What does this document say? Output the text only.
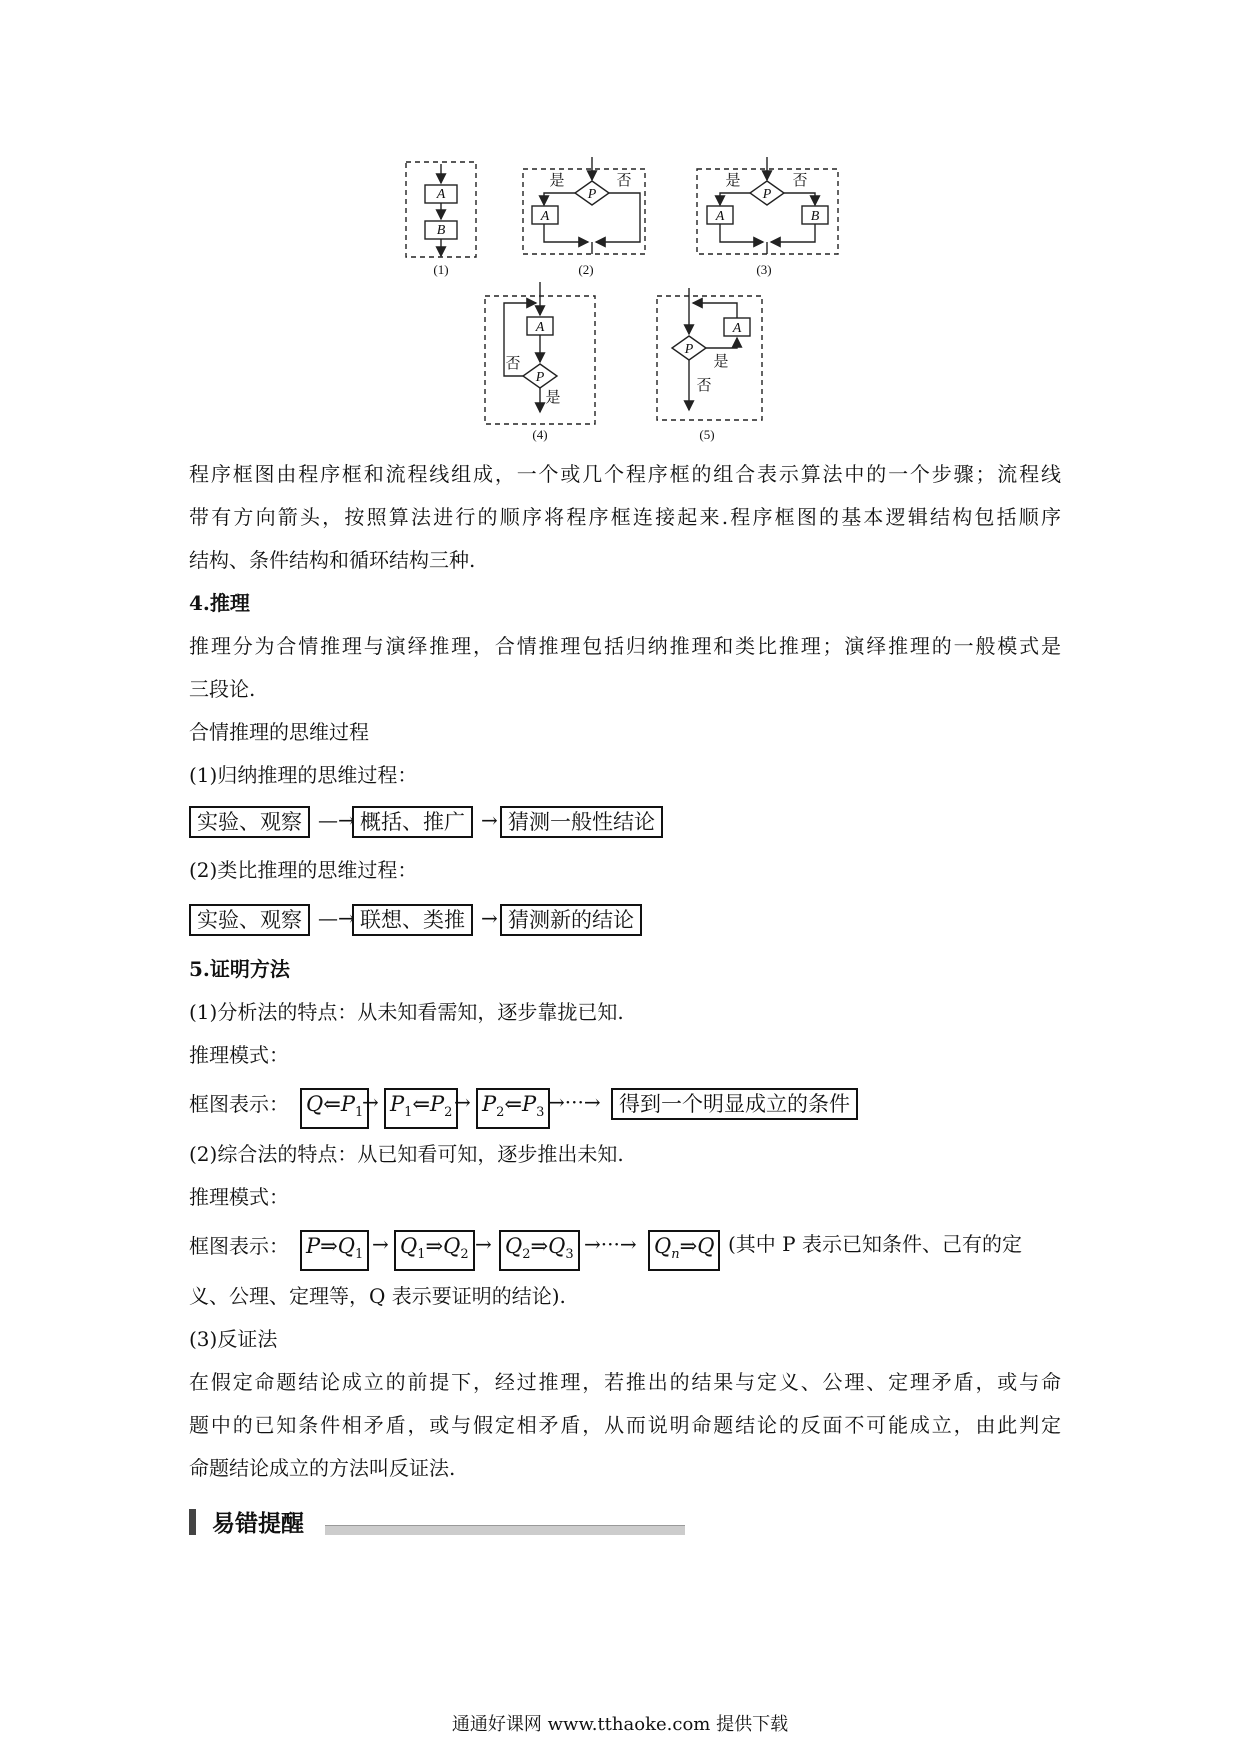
A
B
P
A
P
A	B
A
P
A
P
是	否	是	否
否
是
是
否
(1)	(2)	(3)
(4)	(5)

程序框图由程序框和流程线组成，一个或几个程序框的组合表示算法中的一个步骤；流程线

带有方向箭头，按照算法进行的顺序将程序框连接起来.程序框图的基本逻辑结构包括顺序

结构、条件结构和循环结构三种.

4.推理

推理分为合情推理与演绎推理，合情推理包括归纳推理和类比推理；演绎推理的一般模式是

三段论.

合情推理的思维过程

(1)归纳推理的思维过程：

实验、观察 —→ 概括、推广 → 猜测一般性结论

(2)类比推理的思维过程：

实验、观察 —→ 联想、类推 → 猜测新的结论

5.证明方法

(1)分析法的特点：从未知看需知，逐步靠拢已知.

推理模式：

框图表示： $Q⇐P_1$
→ $P_1⇐P_2$ → $P_2⇐P_3$ →···→ 得到一个明显成立的条件

(2)综合法的特点：从已知看可知，逐步推出未知.

推理模式：

框图表示： $P\Rightarrow Q_1$ → $Q_1\Rightarrow Q_2$ → $Q_2\Rightarrow Q_3$ →···→ $Q_n\Rightarrow Q$ (其中 P 表示已知条件、己有的定

义、公理、定理等，Q 表示要证明的结论).

(3)反证法

在假定命题结论成立的前提下，经过推理，若推出的结果与定义、公理、定理矛盾，或与命

题中的已知条件相矛盾，或与假定相矛盾，从而说明命题结论的反面不可能成立，由此判定

命题结论成立的方法叫反证法.

易错提醒
通通好课网 www.tthaoke.com 提供下载
